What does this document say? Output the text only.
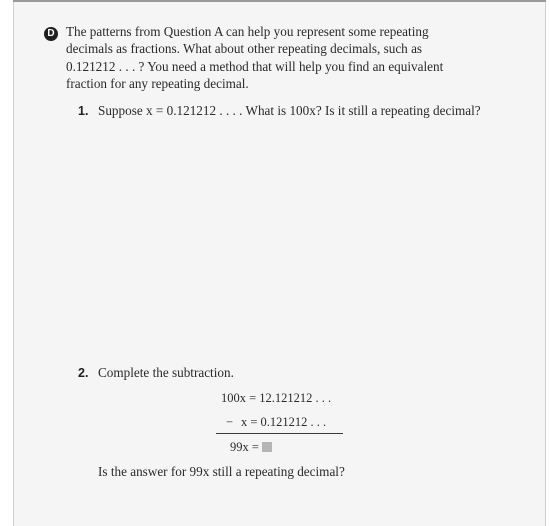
D The patterns from Question A can help you represent some repeating
decimals as fractions. What about other repeating decimals, such as
0.121212 . . . ? You need a method that will help you find an equivalent
fraction for any repeating decimal.
1. Suppose x = 0.121212 . . . . What is 100x? Is it still a repeating decimal?
2. Complete the subtraction.
100x = 12.121212 . . .
− x = 0.121212 . . .
99x =
Is the answer for 99x still a repeating decimal?
